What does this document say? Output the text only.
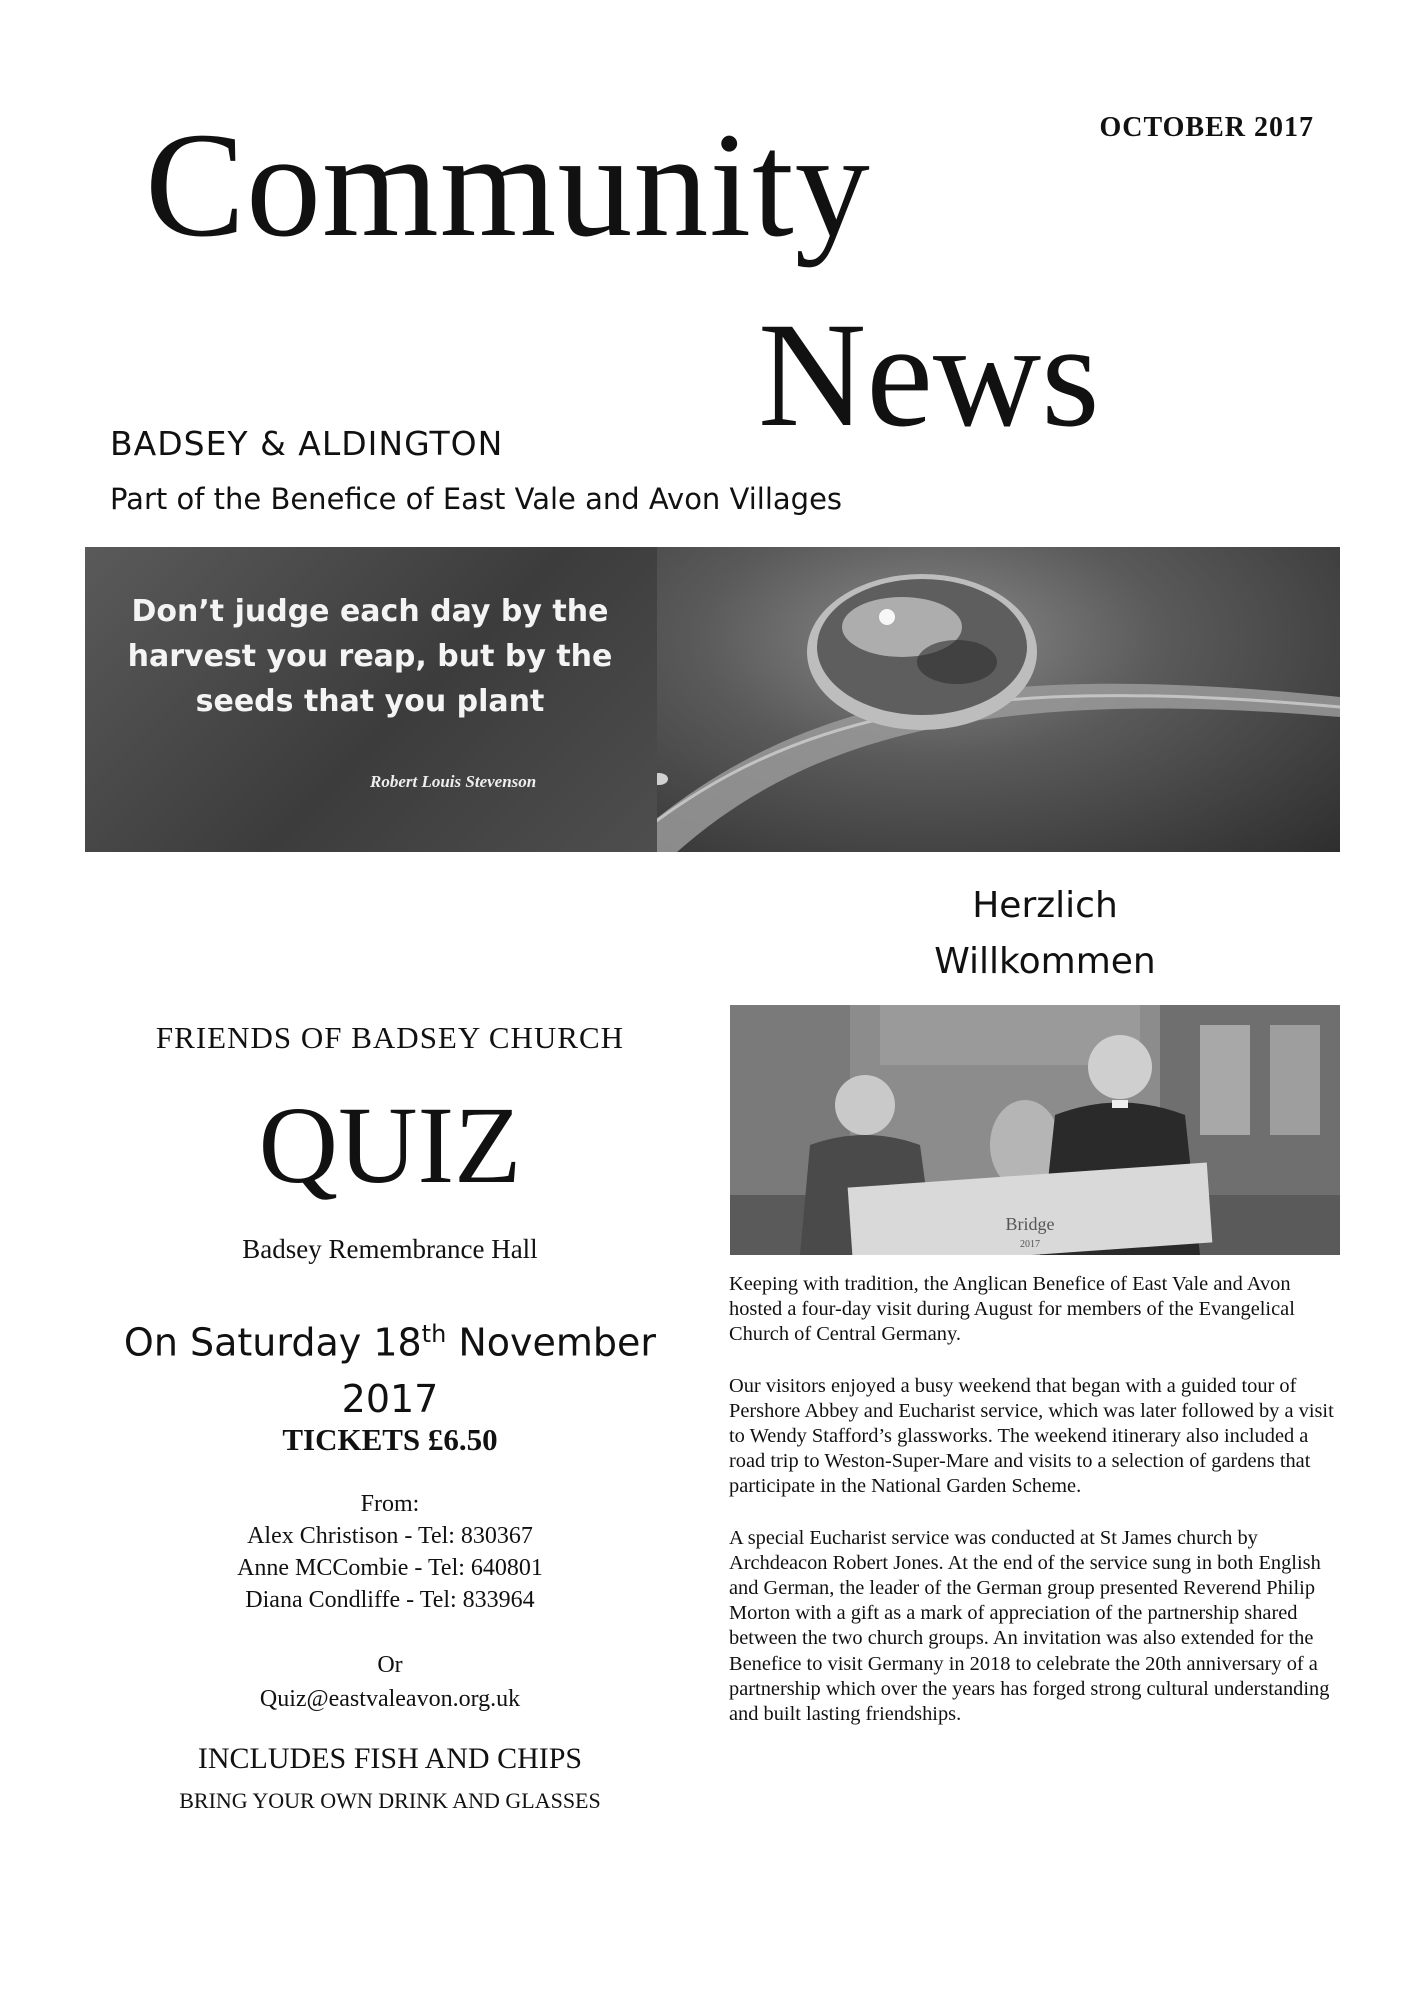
OCTOBER 2017
Community
News
BADSEY & ALDINGTON
Part of the Benefice of East Vale and Avon Villages
Don’t judge each day by the
harvest you reap, but by the
seeds that you plant
Robert Louis Stevenson
Herzlich
Willkommen
Bridge
2017

Keeping with tradition, the Anglican Benefice of East Vale and Avon hosted a four-day visit during August for members of the Evangelical Church of Central Germany.

Our visitors enjoyed a busy weekend that began with a guided tour of Pershore Abbey and Eucharist service, which was later followed by a visit to Wendy Stafford’s glassworks. The weekend itinerary also included a road trip to Weston-Super-Mare and visits to a selection of gardens that participate in the National Garden Scheme.

A special Eucharist service was conducted at St James church by Archdeacon Robert Jones. At the end of the service sung in both English and German, the leader of the German group presented Reverend Philip Morton with a gift as a mark of appreciation of the partnership shared between the two church groups. An invitation was also extended for the Benefice to visit Germany in 2018 to celebrate the 20th anniversary of a partnership which over the years has forged strong cultural understanding and built lasting friendships.

FRIENDS OF BADSEY CHURCH
QUIZ
Badsey Remembrance Hall
On Saturday 18th November
2017
TICKETS £6.50
From:
Alex Christison - Tel: 830367
Anne MCCombie - Tel: 640801
Diana Condliffe - Tel: 833964
Or
Quiz@eastvaleavon.org.uk
INCLUDES FISH AND CHIPS
BRING YOUR OWN DRINK AND GLASSES
